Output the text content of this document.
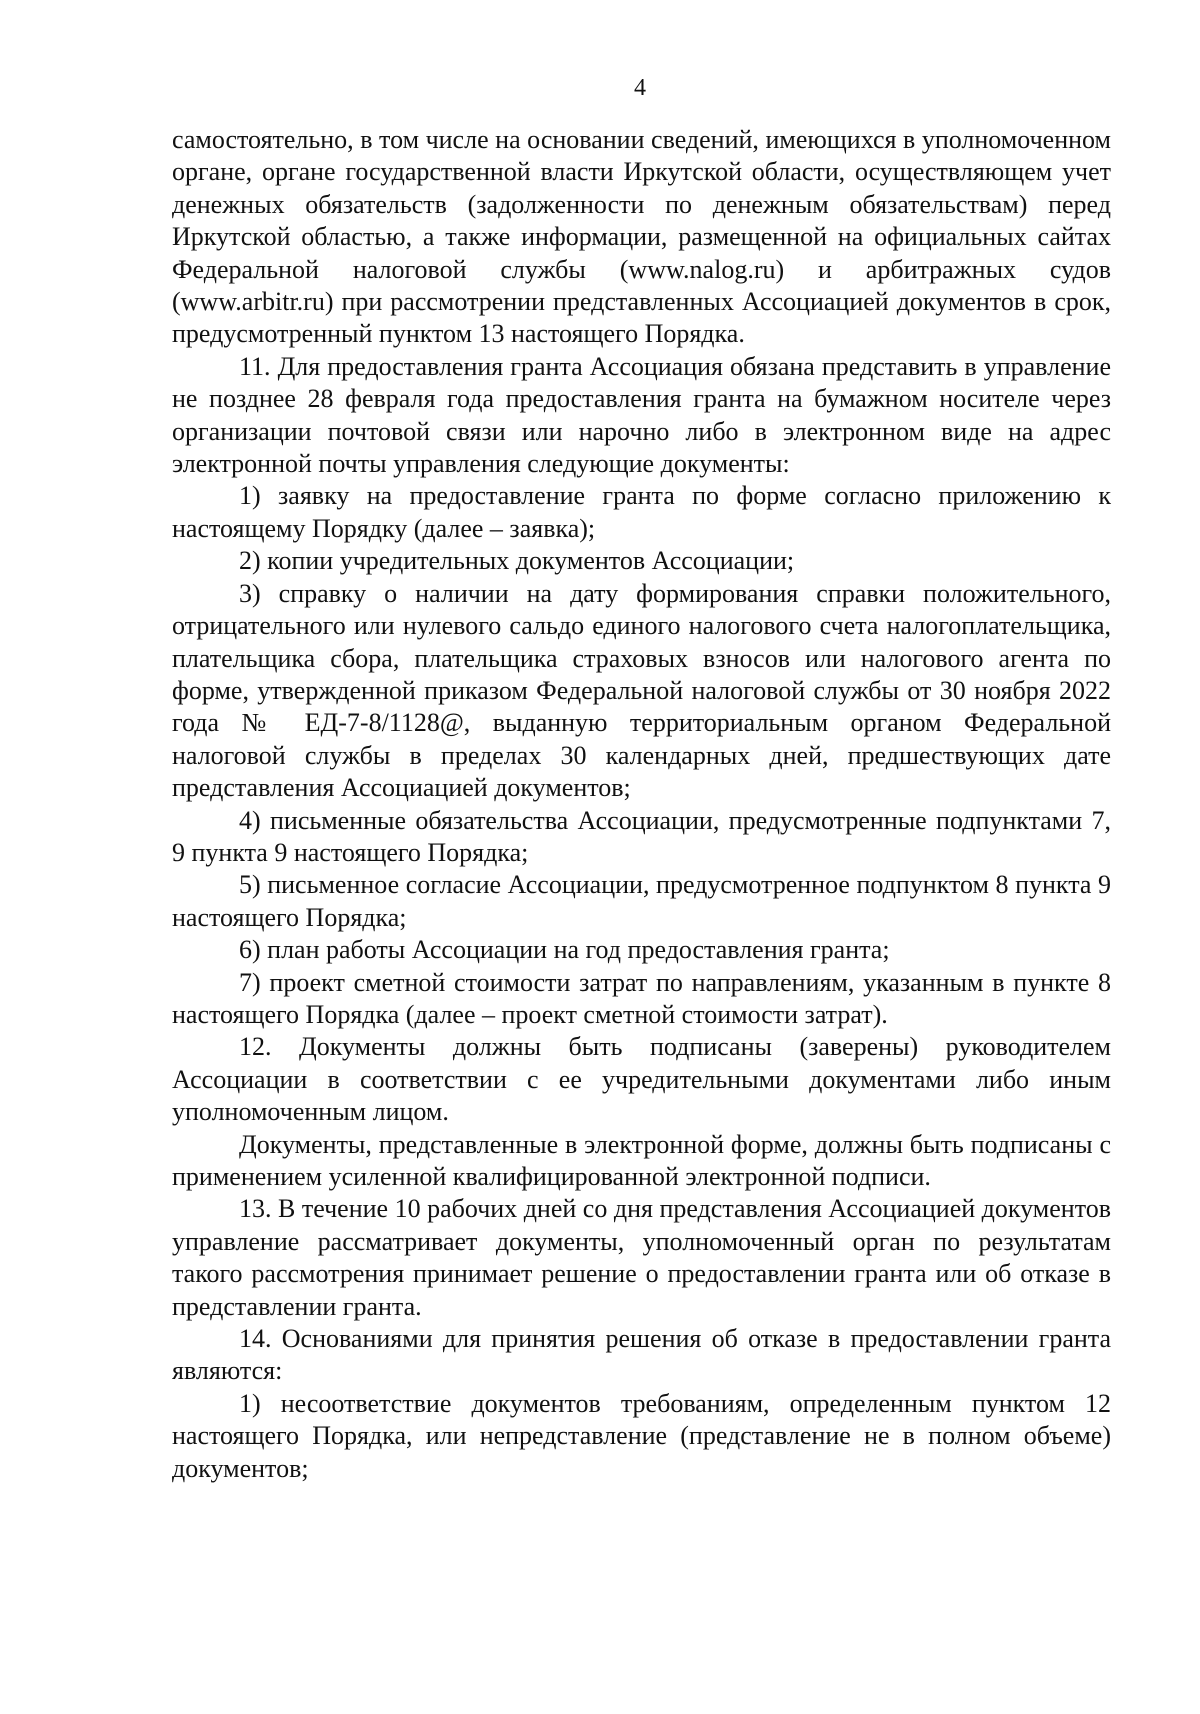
4

самостоятельно, в том числе на основании сведений, имеющихся в уполномоченном органе, органе государственной власти Иркутской области, осуществляющем учет денежных обязательств (задолженности по денежным обязательствам) перед Иркутской областью, а также информации, размещенной на официальных сайтах Федеральной налоговой службы (www.nalog.ru) и арбитражных судов (www.arbitr.ru) при рассмотрении представленных Ассоциацией документов в срок, предусмотренный пунктом 13 настоящего Порядка.

11. Для предоставления гранта Ассоциация обязана представить в управление не позднее 28 февраля года предоставления гранта на бумажном носителе через организации почтовой связи или нарочно либо в электронном виде на адрес электронной почты управления следующие документы:

1) заявку на предоставление гранта по форме согласно приложению к настоящему Порядку (далее – заявка);

2) копии учредительных документов Ассоциации;

3) справку о наличии на дату формирования справки положительного, отрицательного или нулевого сальдо единого налогового счета налогоплательщика, плательщика сбора, плательщика страховых взносов или налогового агента по форме, утвержденной приказом Федеральной налоговой службы от 30 ноября 2022 года № ЕД-7-8/1128@, выданную территориальным органом Федеральной налоговой службы в пределах 30 календарных дней, предшествующих дате представления Ассоциацией документов;

4) письменные обязательства Ассоциации, предусмотренные подпунктами 7, 9 пункта 9 настоящего Порядка;

5) письменное согласие Ассоциации, предусмотренное подпунктом 8 пункта 9 настоящего Порядка;

6) план работы Ассоциации на год предоставления гранта;

7) проект сметной стоимости затрат по направлениям, указанным в пункте 8 настоящего Порядка (далее – проект сметной стоимости затрат).

12. Документы должны быть подписаны (заверены) руководителем Ассоциации в соответствии с ее учредительными документами либо иным уполномоченным лицом.

Документы, представленные в электронной форме, должны быть подписаны с применением усиленной квалифицированной электронной подписи.

13. В течение 10 рабочих дней со дня представления Ассоциацией документов управление рассматривает документы, уполномоченный орган по результатам такого рассмотрения принимает решение о предоставлении гранта или об отказе в представлении гранта.

14. Основаниями для принятия решения об отказе в предоставлении гранта являются:

1) несоответствие документов требованиям, определенным пунктом 12 настоящего Порядка, или непредставление (представление не в полном объеме) документов;
